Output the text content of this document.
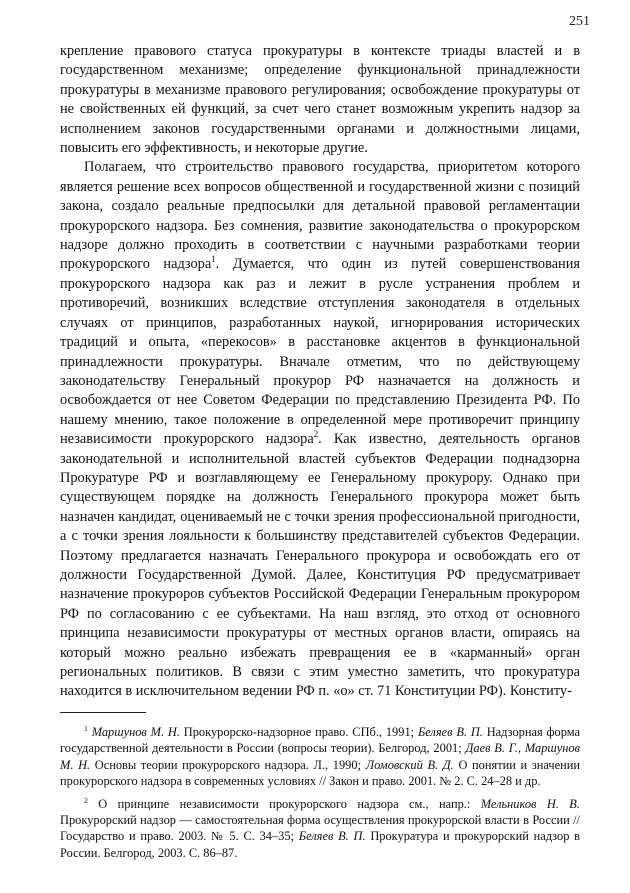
251

крепление правового статуса прокуратуры в контексте триады властей и в государственном механизме; определение функциональной принадлежности прокуратуры в механизме правового регулирования; освобождение прокуратуры от не свойственных ей функций, за счет чего станет возможным укрепить надзор за исполнением законов государственными органами и должностными лицами, повысить его эффективность, и некоторые другие.

Полагаем, что строительство правового государства, приоритетом которого является решение всех вопросов общественной и государственной жизни с позиций закона, создало реальные предпосылки для детальной правовой регламентации прокурорского надзора. Без сомнения, развитие законодательства о прокурорском надзоре должно проходить в соответствии с научными разработками теории прокурорского надзора$^1$. Думается, что один из путей совершенствования прокурорского надзора как раз и лежит в русле устранения проблем и противоречий, возникших вследствие отступления законодателя в отдельных случаях от принципов, разработанных наукой, игнорирования исторических традиций и опыта, «перекосов» в расстановке акцентов в функциональной принадлежности прокуратуры. Вначале отметим, что по действующему законодательству Генеральный прокурор РФ назначается на должность и освобождается от нее Советом Федерации по представлению Президента РФ. По нашему мнению, такое положение в определенной мере противоречит принципу независимости прокурорского надзора$^2$. Как известно, деятельность органов законодательной и исполнительной властей субъектов Федерации поднадзорна Прокуратуре РФ и возглавляющему ее Генеральному прокурору. Однако при существующем порядке на должность Генерального прокурора может быть назначен кандидат, оцениваемый не с точки зрения профессиональной пригодности, а с точки зрения лояльности к большинству представителей субъектов Федерации. Поэтому предлагается назначать Генерального прокурора и освобождать его от должности Государственной Думой. Далее, Конституция РФ предусматривает назначение прокуроров субъектов Российской Федерации Генеральным прокурором РФ по согласованию с ее субъектами. На наш взгляд, это отход от основного принципа независимости прокуратуры от местных органов власти, опираясь на который можно реально избежать превращения ее в «карманный» орган региональных политиков. В связи с этим уместно заметить, что прокуратура находится в исключительном ведении РФ п. «о» ст. 71 Конституции РФ). Конститу-

$^1$ Маршунов М. Н. Прокурорско-надзорное право. СПб., 1991; Беляев В. П. Надзорная форма государственной деятельности в России (вопросы теории). Белгород, 2001; Даев В. Г., Маршунов М. Н. Основы теории прокурорского надзора. Л., 1990; Ломовский В. Д. О понятии и значении прокурорского надзора в современных условиях // Закон и право. 2001. № 2. С. 24–28 и др.

$^2$ О принципе независимости прокурорского надзора см., напр.: Мельников Н. В. Прокурорский надзор — самостоятельная форма осуществления прокурорской власти в России // Государство и право. 2003. № 5. С. 34–35; Беляев В. П. Прокуратура и прокурорский надзор в России. Белгород, 2003. С. 86–87.
